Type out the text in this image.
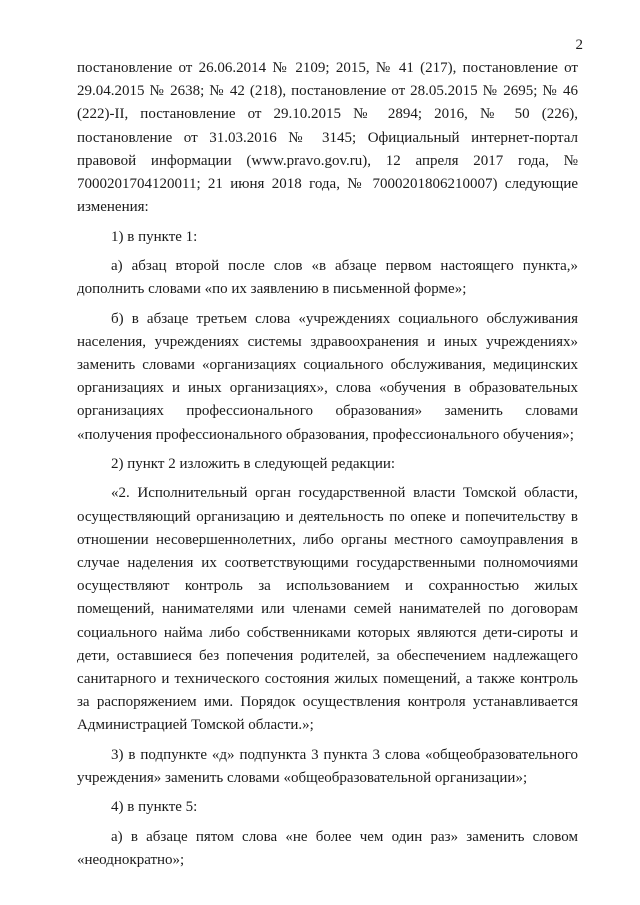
2

постановление от 26.06.2014 № 2109; 2015, № 41 (217), постановление от 29.04.2015 № 2638; № 42 (218), постановление от 28.05.2015 № 2695; № 46 (222)-II, постановление от 29.10.2015 № 2894; 2016, № 50 (226), постановление от 31.03.2016 № 3145; Официальный интернет-портал правовой информации (www.pravo.gov.ru), 12 апреля 2017 года, № 7000201704120011; 21 июня 2018 года, № 7000201806210007) следующие изменения:

1) в пункте 1:

а) абзац второй после слов «в абзаце первом настоящего пункта,» дополнить словами «по их заявлению в письменной форме»;

б) в абзаце третьем слова «учреждениях социального обслуживания населения, учреждениях системы здравоохранения и иных учреждениях» заменить словами «организациях социального обслуживания, медицинских организациях и иных организациях», слова «обучения в образовательных организациях профессионального образования» заменить словами «получения профессионального образования, профессионального обучения»;

2) пункт 2 изложить в следующей редакции:

«2. Исполнительный орган государственной власти Томской области, осуществляющий организацию и деятельность по опеке и попечительству в отношении несовершеннолетних, либо органы местного самоуправления в случае наделения их соответствующими государственными полномочиями осуществляют контроль за использованием и сохранностью жилых помещений, нанимателями или членами семей нанимателей по договорам социального найма либо собственниками которых являются дети-сироты и дети, оставшиеся без попечения родителей, за обеспечением надлежащего санитарного и технического состояния жилых помещений, а также контроль за распоряжением ими. Порядок осуществления контроля устанавливается Администрацией Томской области.»;

3) в подпункте «д» подпункта 3 пункта 3 слова «общеобразовательного учреждения» заменить словами «общеобразовательной организации»;

4) в пункте 5:

а) в абзаце пятом слова «не более чем один раз» заменить словом «неоднократно»;
